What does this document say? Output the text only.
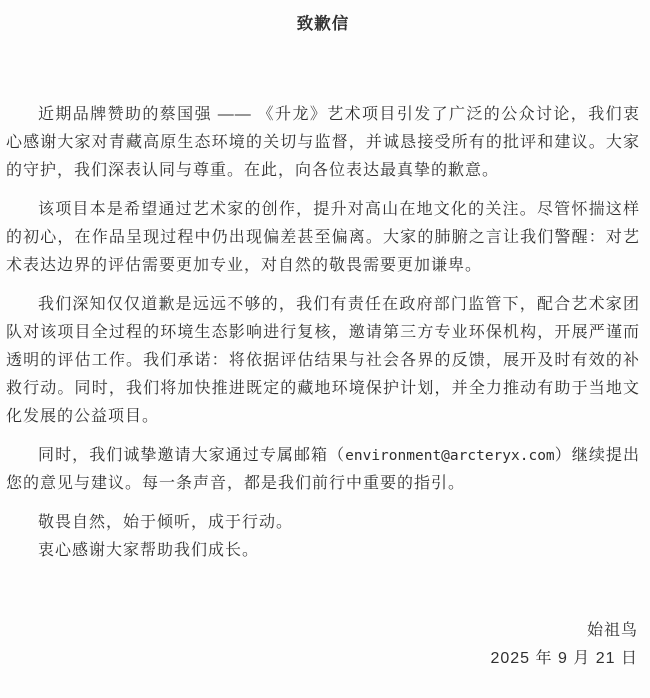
致歉信

近期品牌赞助的蔡国强 —— 《升龙》艺术项目引发了广泛的公众讨论，我们衷心感谢大家对青藏高原生态环境的关切与监督，并诚恳接受所有的批评和建议。大家的守护，我们深表认同与尊重。在此，向各位表达最真挚的歉意。

该项目本是希望通过艺术家的创作，提升对高山在地文化的关注。尽管怀揣这样的初心，在作品呈现过程中仍出现偏差甚至偏离。大家的肺腑之言让我们警醒：对艺术表达边界的评估需要更加专业，对自然的敬畏需要更加谦卑。

我们深知仅仅道歉是远远不够的，我们有责任在政府部门监管下，配合艺术家团队对该项目全过程的环境生态影响进行复核，邀请第三方专业环保机构，开展严谨而透明的评估工作。我们承诺：将依据评估结果与社会各界的反馈，展开及时有效的补救行动。同时，我们将加快推进既定的藏地环境保护计划，并全力推动有助于当地文化发展的公益项目。

同时，我们诚挚邀请大家通过专属邮箱（environment@arcteryx.com）继续提出您的意见与建议。每一条声音，都是我们前行中重要的指引。

敬畏自然，始于倾听，成于行动。

衷心感谢大家帮助我们成长。

始祖鸟

2025 年 9 月 21 日
